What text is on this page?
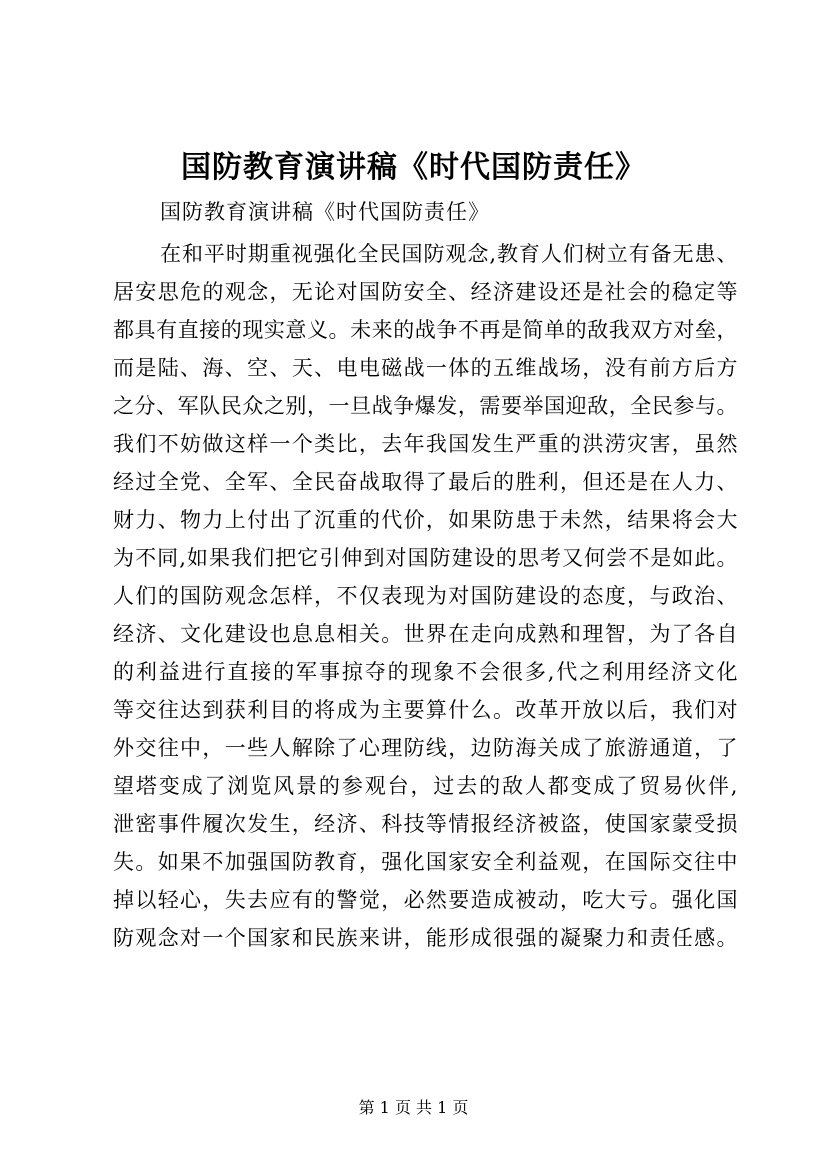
国防教育演讲稿《时代国防责任》
国防教育演讲稿《时代国防责任》
在和平时期重视强化全民国防观念,教育人们树立有备无患、
居安思危的观念，无论对国防安全、经济建设还是社会的稳定等
都具有直接的现实意义。未来的战争不再是简单的敌我双方对垒，
而是陆、海、空、天、电电磁战一体的五维战场，没有前方后方
之分、军队民众之别，一旦战争爆发，需要举国迎敌，全民参与。
我们不妨做这样一个类比，去年我国发生严重的洪涝灾害，虽然
经过全党、全军、全民奋战取得了最后的胜利，但还是在人力、
财力、物力上付出了沉重的代价，如果防患于未然，结果将会大
为不同,如果我们把它引伸到对国防建设的思考又何尝不是如此。
人们的国防观念怎样，不仅表现为对国防建设的态度，与政治、
经济、文化建设也息息相关。世界在走向成熟和理智，为了各自
的利益进行直接的军事掠夺的现象不会很多,代之利用经济文化
等交往达到获利目的将成为主要算什么。改革开放以后，我们对
外交往中，一些人解除了心理防线，边防海关成了旅游通道，了
望塔变成了浏览风景的参观台，过去的敌人都变成了贸易伙伴,
泄密事件履次发生，经济、科技等情报经济被盗，使国家蒙受损
失。如果不加强国防教育，强化国家安全利益观，在国际交往中
掉以轻心，失去应有的警觉，必然要造成被动，吃大亏。强化国
防观念对一个国家和民族来讲，能形成很强的凝聚力和责任感。
第 1 页 共 1 页
